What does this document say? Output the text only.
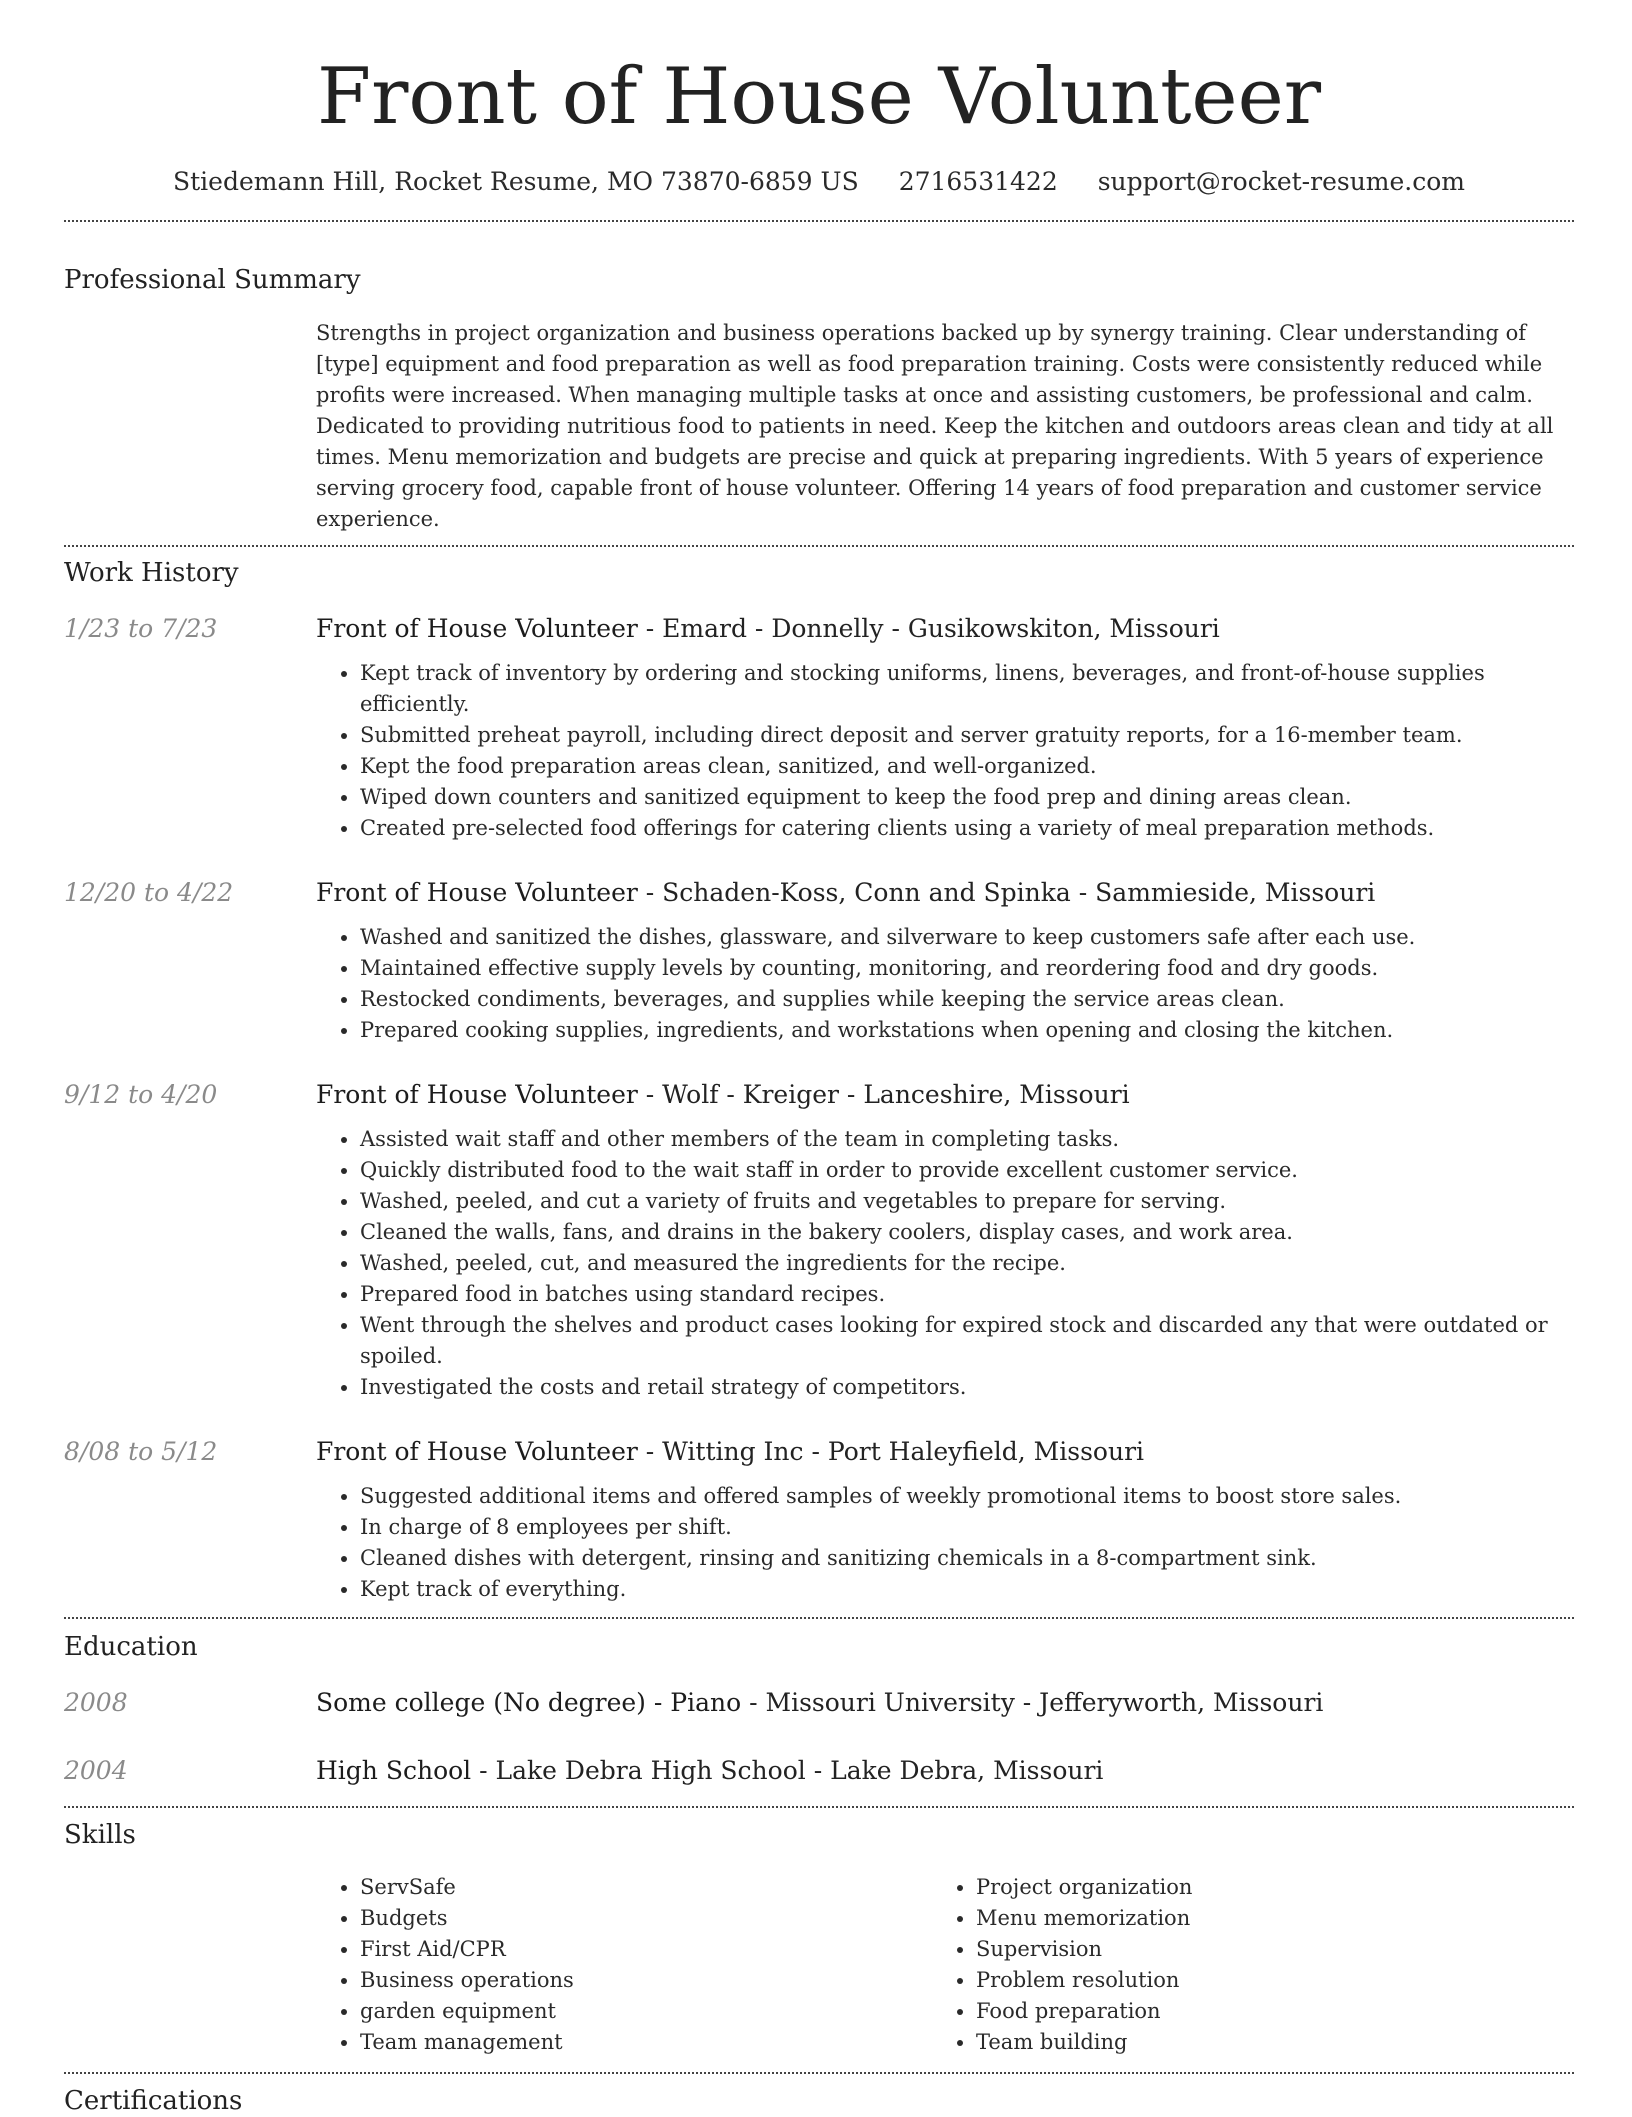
Front of House Volunteer
Stiedemann Hill, Rocket Resume, MO 73870-6859 US 2716531422 support@rocket-resume.com
Professional Summary
Strengths in project organization and business operations backed up by synergy training. Clear understanding of [type] equipment and food preparation as well as food preparation training. Costs were consistently reduced while profits were increased. When managing multiple tasks at once and assisting customers, be professional and calm. Dedicated to providing nutritious food to patients in need. Keep the kitchen and outdoors areas clean and tidy at all times. Menu memorization and budgets are precise and quick at preparing ingredients. With 5 years of experience serving grocery food, capable front of house volunteer. Offering 14 years of food preparation and customer service experience.
Work History
1/23 to 7/23	Front of House Volunteer - Emard - Donnelly - Gusikowskiton, Missouri
• Kept track of inventory by ordering and stocking uniforms, linens, beverages, and front-of-house supplies efficiently.
• Submitted preheat payroll, including direct deposit and server gratuity reports, for a 16-member team.
• Kept the food preparation areas clean, sanitized, and well-organized.
• Wiped down counters and sanitized equipment to keep the food prep and dining areas clean.
• Created pre-selected food offerings for catering clients using a variety of meal preparation methods.
12/20 to 4/22	Front of House Volunteer - Schaden-Koss, Conn and Spinka - Sammieside, Missouri
• Washed and sanitized the dishes, glassware, and silverware to keep customers safe after each use.
• Maintained effective supply levels by counting, monitoring, and reordering food and dry goods.
• Restocked condiments, beverages, and supplies while keeping the service areas clean.
• Prepared cooking supplies, ingredients, and workstations when opening and closing the kitchen.
9/12 to 4/20	Front of House Volunteer - Wolf - Kreiger - Lanceshire, Missouri
• Assisted wait staff and other members of the team in completing tasks.
• Quickly distributed food to the wait staff in order to provide excellent customer service.
• Washed, peeled, and cut a variety of fruits and vegetables to prepare for serving.
• Cleaned the walls, fans, and drains in the bakery coolers, display cases, and work area.
• Washed, peeled, cut, and measured the ingredients for the recipe.
• Prepared food in batches using standard recipes.
• Went through the shelves and product cases looking for expired stock and discarded any that were outdated or spoiled.
• Investigated the costs and retail strategy of competitors.
8/08 to 5/12	Front of House Volunteer - Witting Inc - Port Haleyfield, Missouri
• Suggested additional items and offered samples of weekly promotional items to boost store sales.
• In charge of 8 employees per shift.
• Cleaned dishes with detergent, rinsing and sanitizing chemicals in a 8-compartment sink.
• Kept track of everything.
Education
2008	Some college (No degree) - Piano - Missouri University - Jefferyworth, Missouri
2004	High School - Lake Debra High School - Lake Debra, Missouri
Skills
• ServSafe
• Budgets
• First Aid/CPR
• Business operations
• garden equipment
• Team management
• Project organization
• Menu memorization
• Supervision
• Problem resolution
• Food preparation
• Team building
Certifications
